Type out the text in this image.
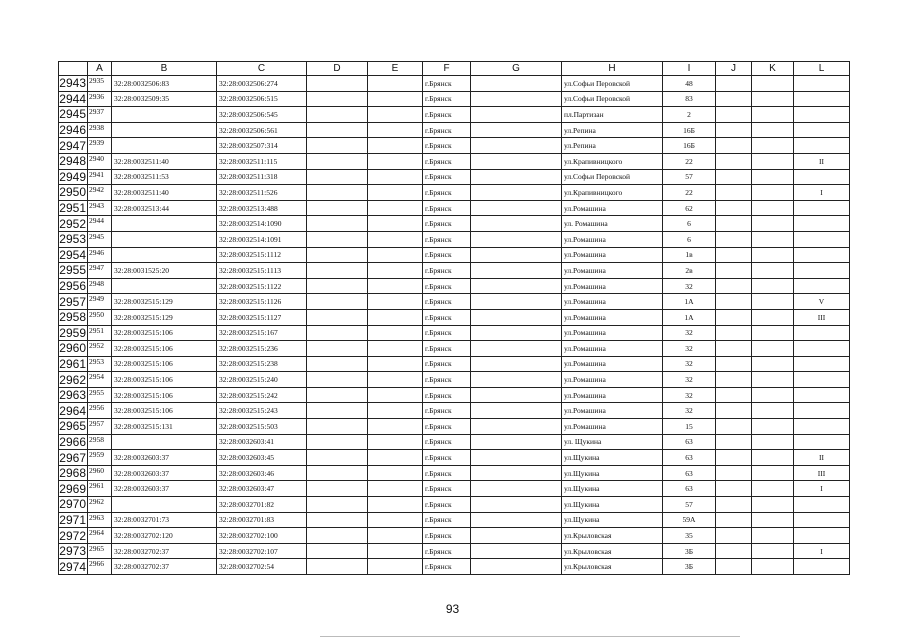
	A	B	C	D	E	F	G	H	I	J	K	L
2943	2935	32:28:0032506:83	32:28:0032506:274			г.Брянск		ул.Софьи Перовской	48			
2944	2936	32:28:0032509:35	32:28:0032506:515			г.Брянск		ул.Софьи Перовской	83			
2945	2937		32:28:0032506:545			г.Брянск		пл.Партизан	2			
2946	2938		32:28:0032506:561			г.Брянск		ул.Репина	16Б			
2947	2939		32:28:0032507:314			г.Брянск		ул.Репина	16Б			
2948	2940	32:28:0032511:40	32:28:0032511:115			г.Брянск		ул.Крапивницкого	22			II
2949	2941	32:28:0032511:53	32:28:0032511:318			г.Брянск		ул.Софьи Перовской	57			
2950	2942	32:28:0032511:40	32:28:0032511:526			г.Брянск		ул.Крапивницкого	22			I
2951	2943	32:28:0032513:44	32:28:0032513:488			г.Брянск		ул.Ромашина	62			
2952	2944		32:28:0032514:1090			г.Брянск		ул. Ромашина	6			
2953	2945		32:28:0032514:1091			г.Брянск		ул.Ромашина	6			
2954	2946		32:28:0032515:1112			г.Брянск		ул.Ромашина	1в			
2955	2947	32:28:0031525:20	32:28:0032515:1113			г.Брянск		ул.Ромашина	2в			
2956	2948		32:28:0032515:1122			г.Брянск		ул.Ромашина	32			
2957	2949	32:28:0032515:129	32:28:0032515:1126			г.Брянск		ул.Ромашина	1А			V
2958	2950	32:28:0032515:129	32:28:0032515:1127			г.Брянск		ул.Ромашина	1А			III
2959	2951	32:28:0032515:106	32:28:0032515:167			г.Брянск		ул.Ромашина	32			
2960	2952	32:28:0032515:106	32:28:0032515:236			г.Брянск		ул.Ромашина	32			
2961	2953	32:28:0032515:106	32:28:0032515:238			г.Брянск		ул.Ромашина	32			
2962	2954	32:28:0032515:106	32:28:0032515:240			г.Брянск		ул.Ромашина	32			
2963	2955	32:28:0032515:106	32:28:0032515:242			г.Брянск		ул.Ромашина	32			
2964	2956	32:28:0032515:106	32:28:0032515:243			г.Брянск		ул.Ромашина	32			
2965	2957	32:28:0032515:131	32:28:0032515:503			г.Брянск		ул.Ромашина	15			
2966	2958		32:28:0032603:41			г.Брянск		ул. Щукина	63			
2967	2959	32:28:0032603:37	32:28:0032603:45			г.Брянск		ул.Щукина	63			II
2968	2960	32:28:0032603:37	32:28:0032603:46			г.Брянск		ул.Щукина	63			III
2969	2961	32:28:0032603:37	32:28:0032603:47			г.Брянск		ул.Щукина	63			I
2970	2962		32:28:0032701:82			г.Брянск		ул.Щукина	57			
2971	2963	32:28:0032701:73	32:28:0032701:83			г.Брянск		ул.Щукина	59А			
2972	2964	32:28:0032702:120	32:28:0032702:100			г.Брянск		ул.Крыловская	35			
2973	2965	32:28:0032702:37	32:28:0032702:107			г.Брянск		ул.Крыловская	3Б			I
2974	2966	32:28:0032702:37	32:28:0032702:54			г.Брянск		ул.Крыловская	3Б			
93
